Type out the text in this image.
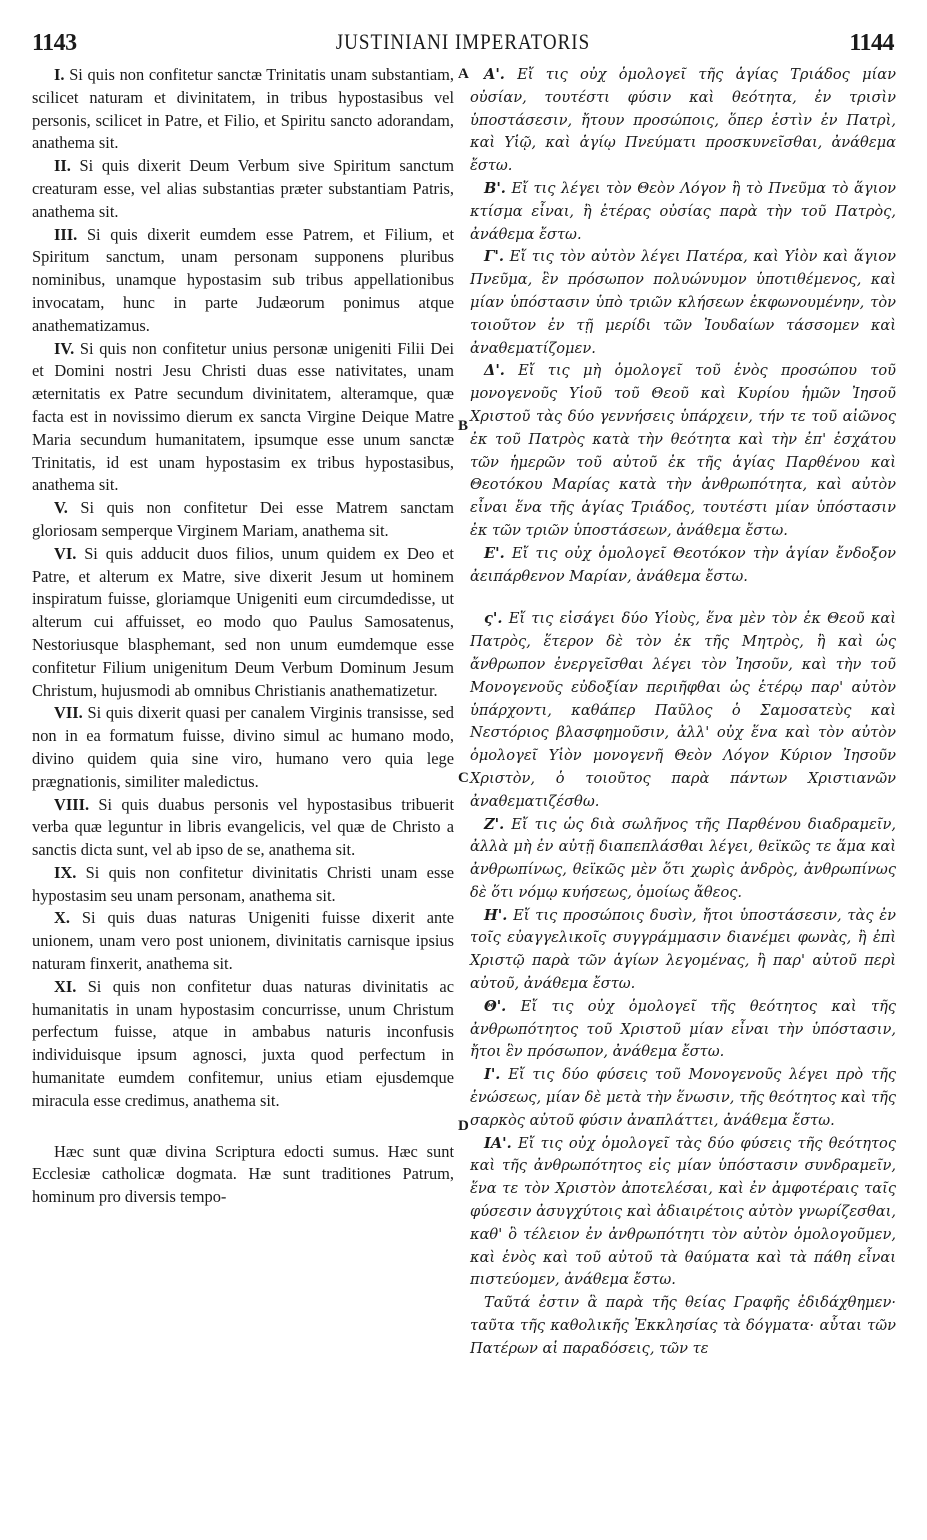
1143	JUSTINIANI IMPERATORIS	1144

I. Si quis non confitetur sanctæ Trinitatis unam substantiam, scilicet naturam et divinitatem, in tribus hypostasibus vel personis, scilicet in Patre, et Filio, et Spiritu sancto adorandam, anathema sit.

II. Si quis dixerit Deum Verbum sive Spiritum sanctum creaturam esse, vel alias substantias præter substantiam Patris, anathema sit.

III. Si quis dixerit eumdem esse Patrem, et Filium, et Spiritum sanctum, unam personam supponens pluribus nominibus, unamque hypostasim sub tribus appellationibus invocatam, hunc in parte Judæorum ponimus atque anathematizamus.

IV. Si quis non confitetur unius personæ unigeniti Filii Dei et Domini nostri Jesu Christi duas esse nativitates, unam æternitatis ex Patre secundum divinitatem, alteramque, quæ facta est in novissimo dierum ex sancta Virgine Deique Matre Maria secundum humanitatem, ipsumque esse unum sanctæ Trinitatis, id est unam hypostasim ex tribus hypostasibus, anathema sit.

V. Si quis non confitetur Dei esse Matrem sanctam gloriosam semperque Virginem Mariam, anathema sit.

VI. Si quis adducit duos filios, unum quidem ex Deo et Patre, et alterum ex Matre, sive dixerit Jesum ut hominem inspiratum fuisse, gloriamque Unigeniti eum circumdedisse, ut alterum cui affuisset, eo modo quo Paulus Samosatenus, Nestoriusque blasphemant, sed non unum eumdemque esse confitetur Filium unigenitum Deum Verbum Dominum Jesum Christum, hujusmodi ab omnibus Christianis anathematizetur.

VII. Si quis dixerit quasi per canalem Virginis transisse, sed non in ea formatum fuisse, divino simul ac humano modo, divino quidem quia sine viro, humano vero quia lege prægnationis, similiter maledictus.

VIII. Si quis duabus personis vel hypostasibus tribuerit verba quæ leguntur in libris evangelicis, vel quæ de Christo a sanctis dicta sunt, vel ab ipso de se, anathema sit.

IX. Si quis non confitetur divinitatis Christi unam esse hypostasim seu unam personam, anathema sit.

X. Si quis duas naturas Unigeniti fuisse dixerit ante unionem, unam vero post unionem, divinitatis carnisque ipsius naturam finxerit, anathema sit.

XI. Si quis non confitetur duas naturas divinitatis ac humanitatis in unam hypostasim concurrisse, unum Christum perfectum fuisse, atque in ambabus naturis inconfusis individuisque ipsum agnosci, juxta quod perfectum in humanitate eumdem confitemur, unius etiam ejusdemque miracula esse credimus, anathema sit.

Hæc sunt quæ divina Scriptura edocti sumus. Hæc sunt Ecclesiæ catholicæ dogmata. Hæ sunt traditiones Patrum, hominum pro diversis tempo-

A
B
C
D

Α'. Εἴ τις οὐχ ὁμολογεῖ τῆς ἁγίας Τριάδος μίαν οὐσίαν, τουτέστι φύσιν καὶ θεότητα, ἐν τρισὶν ὑποστάσεσιν, ἤτουν προσώποις, ὅπερ ἐστὶν ἐν Πατρὶ, καὶ Υἱῷ, καὶ ἁγίῳ Πνεύματι προσκυνεῖσθαι, ἀνάθεμα ἔστω.

Β'. Εἴ τις λέγει τὸν Θεὸν Λόγον ἢ τὸ Πνεῦμα τὸ ἅγιον κτίσμα εἶναι, ἢ ἑτέρας οὐσίας παρὰ τὴν τοῦ Πατρὸς, ἀνάθεμα ἔστω.

Γ'. Εἴ τις τὸν αὐτὸν λέγει Πατέρα, καὶ Υἱὸν καὶ ἅγιον Πνεῦμα, ἓν πρόσωπον πολυώνυμον ὑποτιθέμενος, καὶ μίαν ὑπόστασιν ὑπὸ τριῶν κλήσεων ἐκφωνουμένην, τὸν τοιοῦτον ἐν τῇ μερίδι τῶν Ἰουδαίων τάσσομεν καὶ ἀναθεματίζομεν.

Δ'. Εἴ τις μὴ ὁμολογεῖ τοῦ ἑνὸς προσώπου τοῦ μονογενοῦς Υἱοῦ τοῦ Θεοῦ καὶ Κυρίου ἡμῶν Ἰησοῦ Χριστοῦ τὰς δύο γεννήσεις ὑπάρχειν, τήν τε τοῦ αἰῶνος ἐκ τοῦ Πατρὸς κατὰ τὴν θεότητα καὶ τὴν ἐπ' ἐσχάτου τῶν ἡμερῶν τοῦ αὐτοῦ ἐκ τῆς ἁγίας Παρθένου καὶ Θεοτόκου Μαρίας κατὰ τὴν ἀνθρωπότητα, καὶ αὐτὸν εἶναι ἕνα τῆς ἁγίας Τριάδος, τουτέστι μίαν ὑπόστασιν ἐκ τῶν τριῶν ὑποστάσεων, ἀνάθεμα ἔστω.

Ε'. Εἴ τις οὐχ ὁμολογεῖ Θεοτόκον τὴν ἁγίαν ἔνδοξον ἀειπάρθενον Μαρίαν, ἀνάθεμα ἔστω.

ς'. Εἴ τις εἰσάγει δύο Υἱοὺς, ἕνα μὲν τὸν ἐκ Θεοῦ καὶ Πατρὸς, ἕτερον δὲ τὸν ἐκ τῆς Μητρὸς, ἢ καὶ ὡς ἄνθρωπον ἐνεργεῖσθαι λέγει τὸν Ἰησοῦν, καὶ τὴν τοῦ Μονογενοῦς εὐδοξίαν περιῆφθαι ὡς ἑτέρῳ παρ' αὐτὸν ὑπάρχοντι, καθάπερ Παῦλος ὁ Σαμοσατεὺς καὶ Νεστόριος βλασφημοῦσιν, ἀλλ' οὐχ ἕνα καὶ τὸν αὐτὸν ὁμολογεῖ Υἱὸν μονογενῆ Θεὸν Λόγον Κύριον Ἰησοῦν Χριστὸν, ὁ τοιοῦτος παρὰ πάντων Χριστιανῶν ἀναθεματιζέσθω.

Ζ'. Εἴ τις ὡς διὰ σωλῆνος τῆς Παρθένου διαδραμεῖν, ἀλλὰ μὴ ἐν αὐτῇ διαπεπλάσθαι λέγει, θεϊκῶς τε ἅμα καὶ ἀνθρωπίνως, θεϊκῶς μὲν ὅτι χωρὶς ἀνδρὸς, ἀνθρωπίνως δὲ ὅτι νόμῳ κυήσεως, ὁμοίως ἄθεος.

Η'. Εἴ τις προσώποις δυσὶν, ἤτοι ὑποστάσεσιν, τὰς ἐν τοῖς εὐαγγελικοῖς συγγράμμασιν διανέμει φωνὰς, ἢ ἐπὶ Χριστῷ παρὰ τῶν ἁγίων λεγομένας, ἢ παρ' αὐτοῦ περὶ αὐτοῦ, ἀνάθεμα ἔστω.

Θ'. Εἴ τις οὐχ ὁμολογεῖ τῆς θεότητος καὶ τῆς ἀνθρωπότητος τοῦ Χριστοῦ μίαν εἶναι τὴν ὑπόστασιν, ἤτοι ἓν πρόσωπον, ἀνάθεμα ἔστω.

Ι'. Εἴ τις δύο φύσεις τοῦ Μονογενοῦς λέγει πρὸ τῆς ἑνώσεως, μίαν δὲ μετὰ τὴν ἕνωσιν, τῆς θεότητος καὶ τῆς σαρκὸς αὐτοῦ φύσιν ἀναπλάττει, ἀνάθεμα ἔστω.

ΙΑ'. Εἴ τις οὐχ ὁμολογεῖ τὰς δύο φύσεις τῆς θεότητος καὶ τῆς ἀνθρωπότητος εἰς μίαν ὑπόστασιν συνδραμεῖν, ἕνα τε τὸν Χριστὸν ἀποτελέσαι, καὶ ἐν ἀμφοτέραις ταῖς φύσεσιν ἀσυγχύτοις καὶ ἀδιαιρέτοις αὐτὸν γνωρίζεσθαι, καθ' ὃ τέλειον ἐν ἀνθρωπότητι τὸν αὐτὸν ὁμολογοῦμεν, καὶ ἑνὸς καὶ τοῦ αὐτοῦ τὰ θαύματα καὶ τὰ πάθη εἶναι πιστεύομεν, ἀνάθεμα ἔστω.

Ταῦτά ἐστιν ἃ παρὰ τῆς θείας Γραφῆς ἐδιδάχθημεν· ταῦτα τῆς καθολικῆς Ἐκκλησίας τὰ δόγματα· αὗται τῶν Πατέρων αἱ παραδόσεις, τῶν τε
